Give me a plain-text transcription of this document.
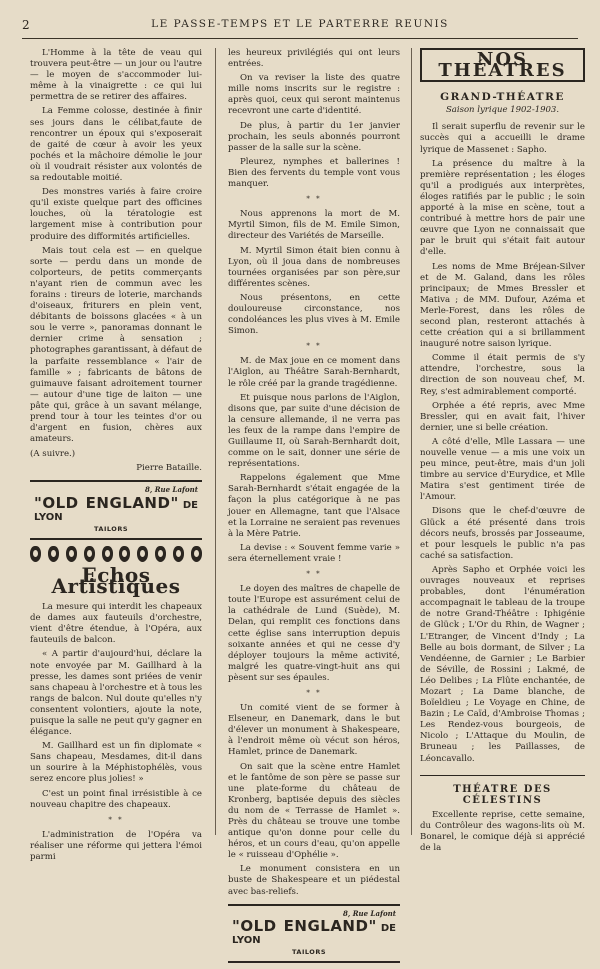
2	LE PASSE-TEMPS ET LE PARTERRE REUNIS

L'Homme à la tête de veau qui trouvera peut-être — un jour ou l'autre — le moyen de s'accommoder lui-même à la vinaigrette : ce qui lui permettra de se retirer des affaires.

La Femme colosse, destinée à finir ses jours dans le célibat,faute de rencontrer un époux qui s'exposerait de gaité de cœur à avoir les yeux pochés et la mâchoire démolie le jour où il voudrait résister aux volontés de sa redoutable moitié.

Des monstres variés à faire croire qu'il existe quelque part des officines louches, où la tératologie est largement mise à contribution pour produire des difformités artificielles.

Mais tout cela est — en quelque sorte — perdu dans un monde de colporteurs, de petits commerçants n'ayant rien de commun avec les forains : tireurs de loterie, marchands d'oiseaux, friturers en plein vent, débitants de boissons glacées « à un sou le verre », panoramas donnant le dernier crime à sensation ; photographes garantissant, à défaut de la parfaite ressemblance « l'air de famille » ; fabricants de bâtons de guimauve faisant adroitement tourner — autour d'une tige de laiton — une pâte qui, grâce à un savant mélange, prend tour à tour les teintes d'or ou d'argent en fusion, chères aux amateurs.

(A suivre.)

Pierre Bataille.

8, Rue Lafont
"OLD ENGLAND" DE LYON
TAILORS
Echos Artistiques

La mesure qui interdit les chapeaux de dames aux fauteuils d'orchestre, vient d'être étendue, à l'Opéra, aux fauteuils de balcon.

« A partir d'aujourd'hui, déclare la note envoyée par M. Gaillhard à la presse, les dames sont priées de venir sans chapeau à l'orchestre et à tous les rangs de balcon. Nul doute qu'elles n'y consentent volontiers, ajoute la note, puisque la salle ne peut qu'y gagner en élégance.

M. Gaillhard est un fin diplomate « Sans chapeau, Mesdames, dit-il dans un sourire à la Méphistophélès, vous serez encore plus jolies! »

C'est un point final irrésistible à ce nouveau chapitre des chapeaux.

* *

L'administration de l'Opéra va réaliser une réforme qui jettera l'émoi parmi

les heureux privilégiés qui ont leurs entrées.

On va reviser la liste des quatre mille noms inscrits sur le registre : après quoi, ceux qui seront maintenus recevront une carte d'identité.

De plus, à partir du 1er janvier prochain, les seuls abonnés pourront passer de la salle sur la scène.

Pleurez, nymphes et ballerines ! Bien des fervents du temple vont vous manquer.

* *

Nous apprenons la mort de M. Myrtil Simon, fils de M. Emile Simon, directeur des Variétés de Marseille.

M. Myrtil Simon était bien connu à Lyon, où il joua dans de nombreuses tournées organisées par son père,sur différentes scènes.

Nous présentons, en cette douloureuse circonstance, nos condoléances les plus vives à M. Emile Simon.

* *

M. de Max joue en ce moment dans l'Aiglon, au Théâtre Sarah-Bernhardt, le rôle créé par la grande tragédienne.

Et puisque nous parlons de l'Aiglon, disons que, par suite d'une décision de la censure allemande, il ne verra pas les feux de la rampe dans l'empire de Guillaume II, où Sarah-Bernhardt doit, comme on le sait, donner une série de représentations.

Rappelons également que Mme Sarah-Bernhardt s'était engagée de la façon la plus catégorique à ne pas jouer en Allemagne, tant que l'Alsace et la Lorraine ne seraient pas revenues à la Mère Patrie.

La devise : « Souvent femme varie » sera éternellement vraie !

* *

Le doyen des maîtres de chapelle de toute l'Europe est assurément celui de la cathédrale de Lund (Suède), M. Delan, qui remplit ces fonctions dans cette église sans interruption depuis soixante années et qui ne cesse d'y déployer toujours la même activité, malgré les quatre-vingt-huit ans qui pèsent sur ses épaules.

* *

Un comité vient de se former à Elseneur, en Danemark, dans le but d'élever un monument à Shakespeare, à l'endroit même où vécut son héros, Hamlet, prince de Danemark.

On sait que la scène entre Hamlet et le fantôme de son père se passe sur une plate-forme du château de Kronberg, baptisée depuis des siècles du nom de « Terrasse de Hamlet ». Près du château se trouve une tombe antique qu'on donne pour celle du héros, et un cours d'eau, qu'on appelle le « ruisseau d'Ophélie ».

Le monument consistera en un buste de Shakespeare et un piédestal avec bas-reliefs.

8, Rue Lafont
"OLD ENGLAND" DE LYON
TAILORS
NOS THÉATRES
GRAND-THÉATRE
Saison lyrique 1902-1903.

Il serait superflu de revenir sur le succès qui a accueilli le drame lyrique de Massenet : Sapho.

La présence du maître à la première représentation ; les éloges qu'il a prodigués aux interprètes, éloges ratifiés par le public ; le soin apporté à la mise en scène, tout a contribué à mettre hors de pair une œuvre que Lyon ne connaissait que par le bruit qui s'était fait autour d'elle.

Les noms de Mme Bréjean-Silver et de M. Galand, dans les rôles principaux; de Mmes Bressler et Mativa ; de MM. Dufour, Azéma et Merle-Forest, dans les rôles de second plan, resteront attachés à cette création qui a si brillamment inauguré notre saison lyrique.

Comme il était permis de s'y attendre, l'orchestre, sous la direction de son nouveau chef, M. Rey, s'est admirablement comporté.

Orphée a été repris, avec Mme Bressler, qui en avait fait, l'hiver dernier, une si belle création.

A côté d'elle, Mlle Lassara — une nouvelle venue — a mis une voix un peu mince, peut-être, mais d'un joli timbre au service d'Eurydice, et Mlle Matira s'est gentiment tirée de l'Amour.

Disons que le chef-d'œuvre de Glück a été présenté dans trois décors neufs, brossés par Josseaume, et pour lesquels le public n'a pas caché sa satisfaction.

Après Sapho et Orphée voici les ouvrages nouveaux et reprises probables, dont l'énumération accompagnait le tableau de la troupe de notre Grand-Théâtre : Iphigénie de Glück ; L'Or du Rhin, de Wagner ; L'Etranger, de Vincent d'Indy ; La Belle au bois dormant, de Silver ; La Vendéenne, de Garnier ; Le Barbier de Séville, de Rossini ; Lakmé, de Léo Delibes ; La Flûte enchantée, de Mozart ; La Dame blanche, de Boïeldieu ; Le Voyage en Chine, de Bazin ; Le Caïd, d'Ambroise Thomas ; Les Rendez-vous bourgeois, de Nicolo ; L'Attaque du Moulin, de Bruneau ; les Paillasses, de Léoncavallo.

THÉATRE DES CÉLESTINS

Excellente reprise, cette semaine, du Contrôleur des wagons-lits où M. Bonarel, le comique déjà si apprécié de la
